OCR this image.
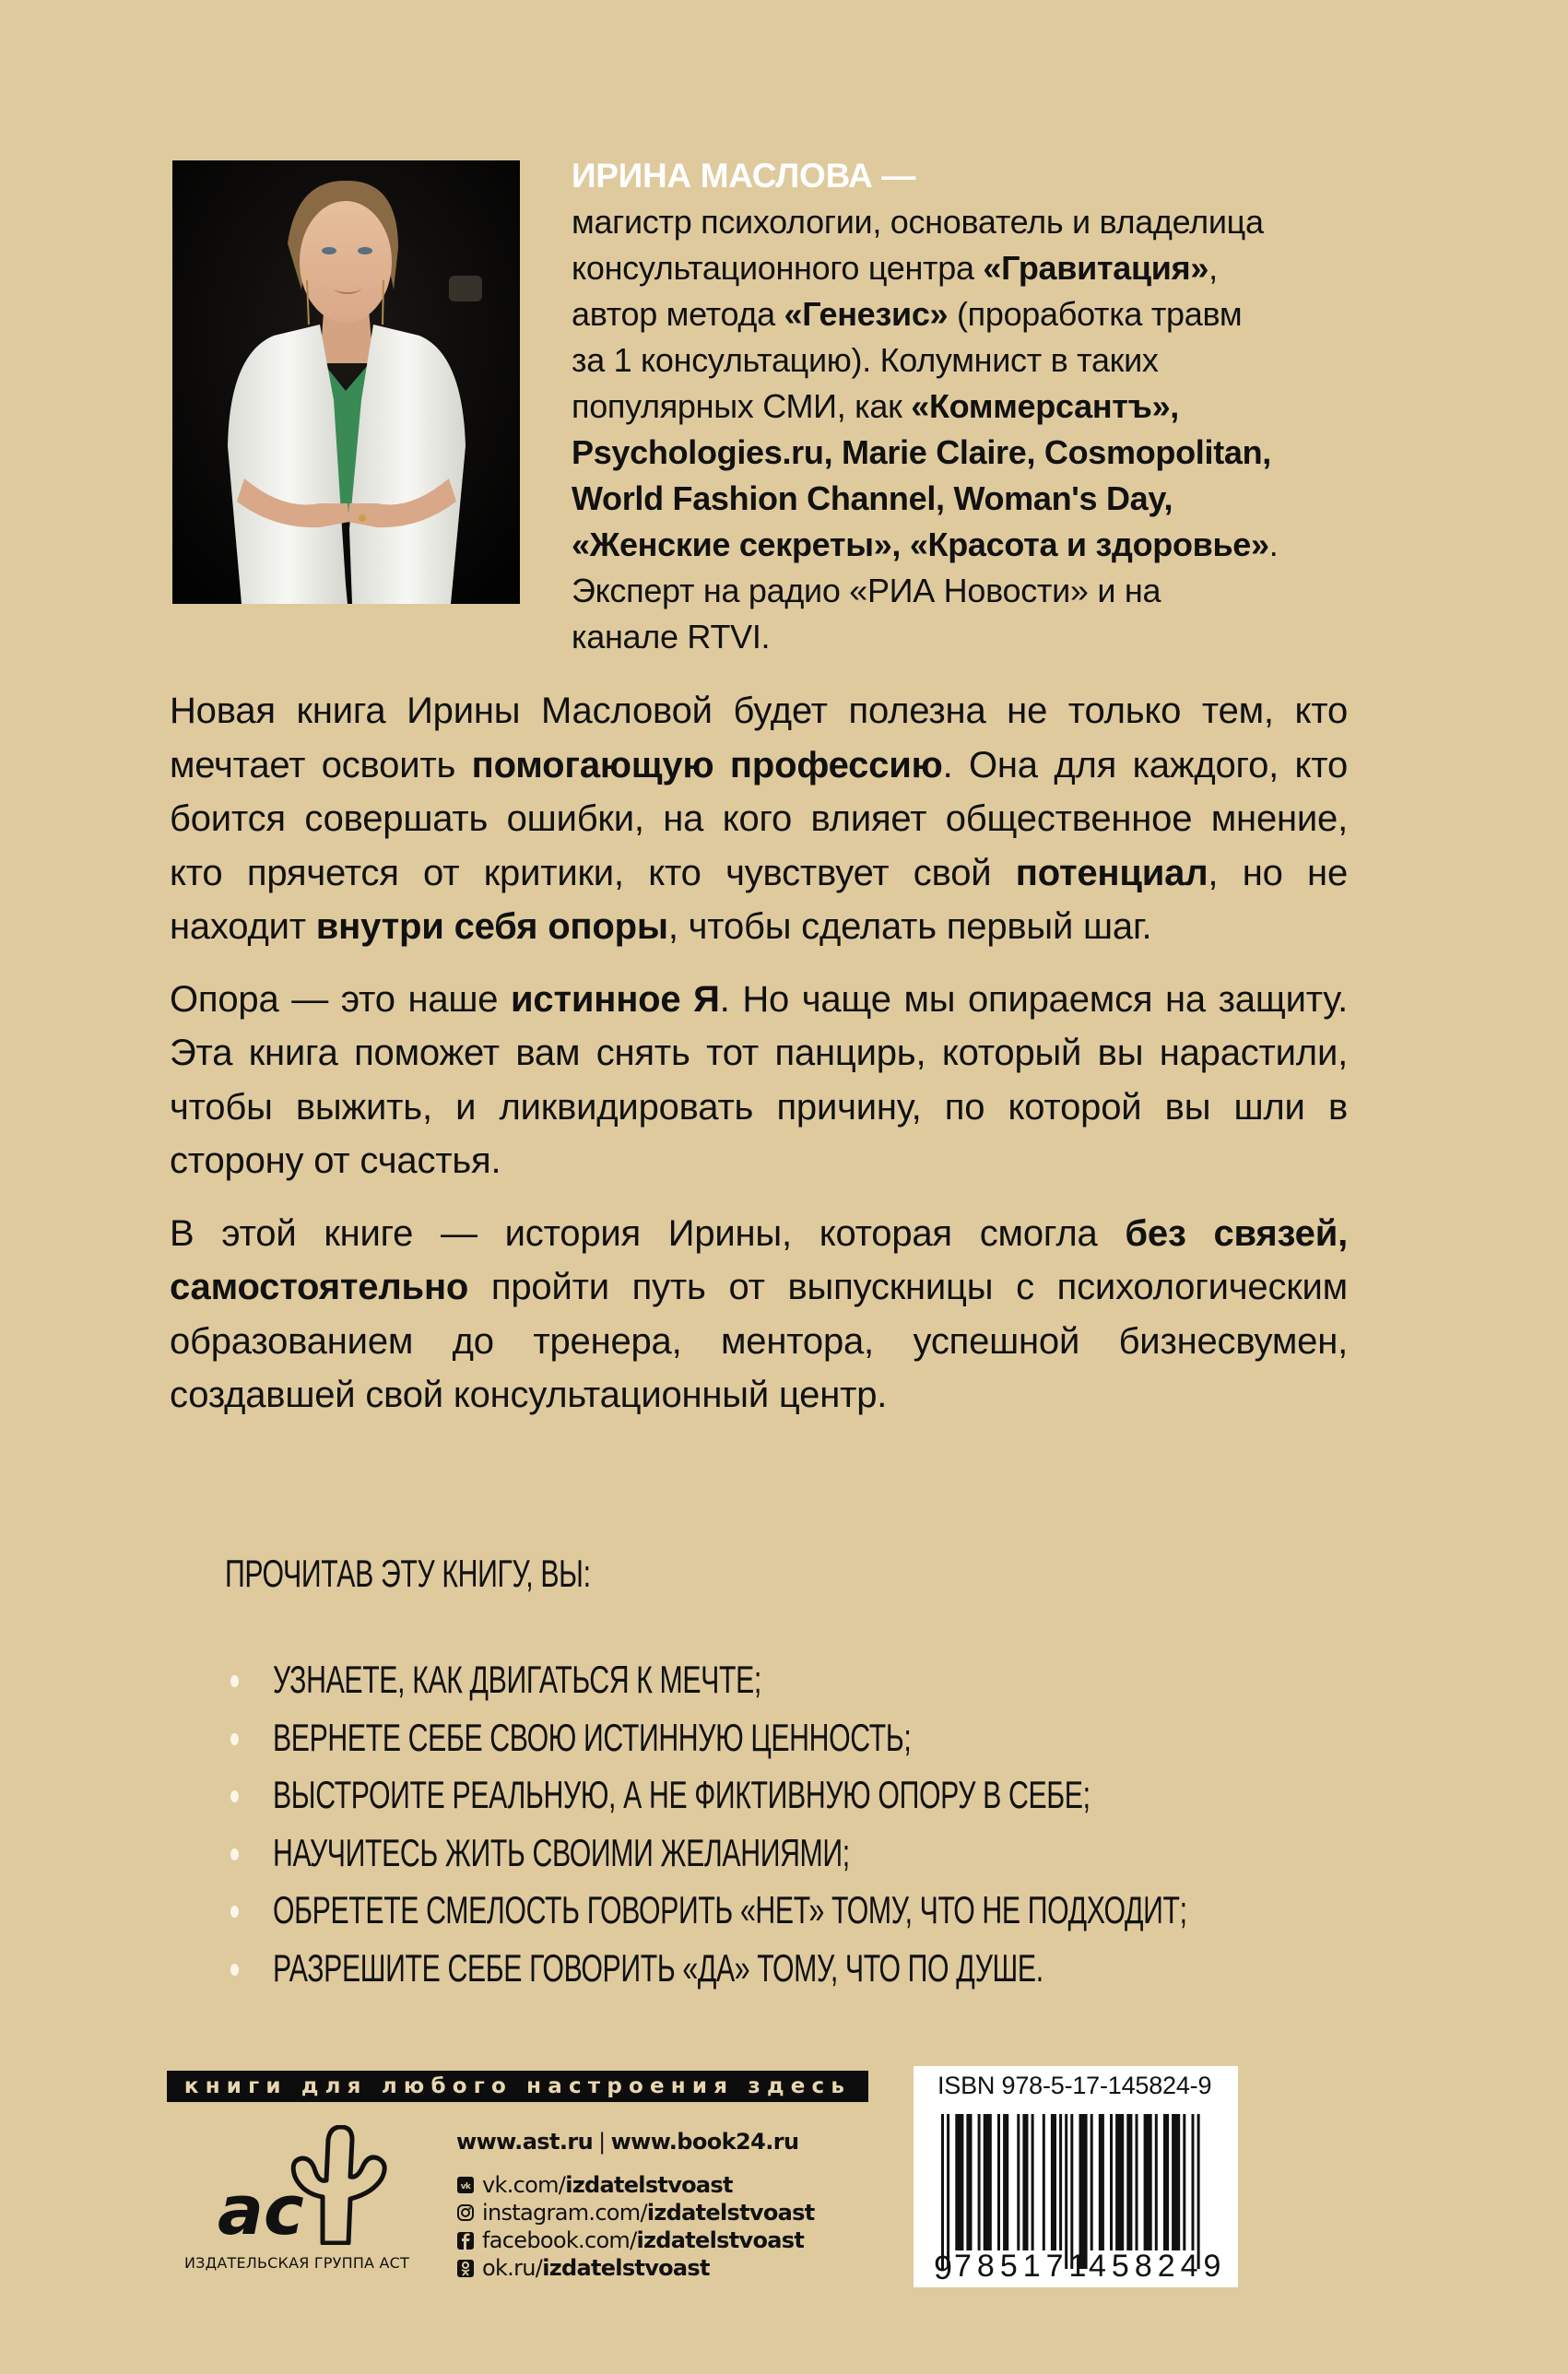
ИРИНА МАСЛОВА —

магистр психологии, основатель и владелица

консультационного центра «Гравитация»,

автор метода «Генезис» (проработка травм

за 1 консультацию). Колумнист в таких

популярных СМИ, как «Коммерсантъ»,

Psychologies.ru, Marie Claire, Cosmopolitan,

World Fashion Channel, Woman's Day,

«Женские секреты», «Красота и здоровье».

Эксперт на радио «РИА Новости» и на

канале RTVI.

Новая книга Ирины Масловой будет полезна не только тем, кто мечтает освоить помогающую профессию. Она для каждого, кто боится совершать ошибки, на кого влияет общественное мнение, кто прячется от критики, кто чувствует свой потенциал, но не находит внутри себя опоры, чтобы сделать первый шаг.

Опора — это наше истинное Я. Но чаще мы опираемся на защиту. Эта книга поможет вам снять тот панцирь, который вы нарастили, чтобы выжить, и ликвидировать причину, по которой вы шли в сторону от счастья.

В этой книге — история Ирины, которая смогла без связей, самостоятельно пройти путь от выпускницы с психологическим образованием до тренера, ментора, успешной бизнесвумен, создавшей свой консультационный центр.

ПРОЧИТАВ ЭТУ КНИГУ, ВЫ:
УЗНАЕТЕ, КАК ДВИГАТЬСЯ К МЕЧТЕ;
ВЕРНЕТЕ СЕБЕ СВОЮ ИСТИННУЮ ЦЕННОСТЬ;
ВЫСТРОИТЕ РЕАЛЬНУЮ, А НЕ ФИКТИВНУЮ ОПОРУ В СЕБЕ;
НАУЧИТЕСЬ ЖИТЬ СВОИМИ ЖЕЛАНИЯМИ;
ОБРЕТЕТЕ СМЕЛОСТЬ ГОВОРИТЬ «НЕТ» ТОМУ, ЧТО НЕ ПОДХОДИТ;
РАЗРЕШИТЕ СЕБЕ ГОВОРИТЬ «ДА» ТОМУ, ЧТО ПО ДУШЕ.
книги для любого настроения здесь
ac
ИЗДАТЕЛЬСКАЯ ГРУППА АСТ
www.ast.ru | www.book24.ru
vk vk.com/ izdatelstvoast
instagram.com/ izdatelstvoast
facebook.com/ izdatelstvoast
ok.ru/ izdatelstvoast
ISBN 978-5-17-145824-9
785171
458249
9
